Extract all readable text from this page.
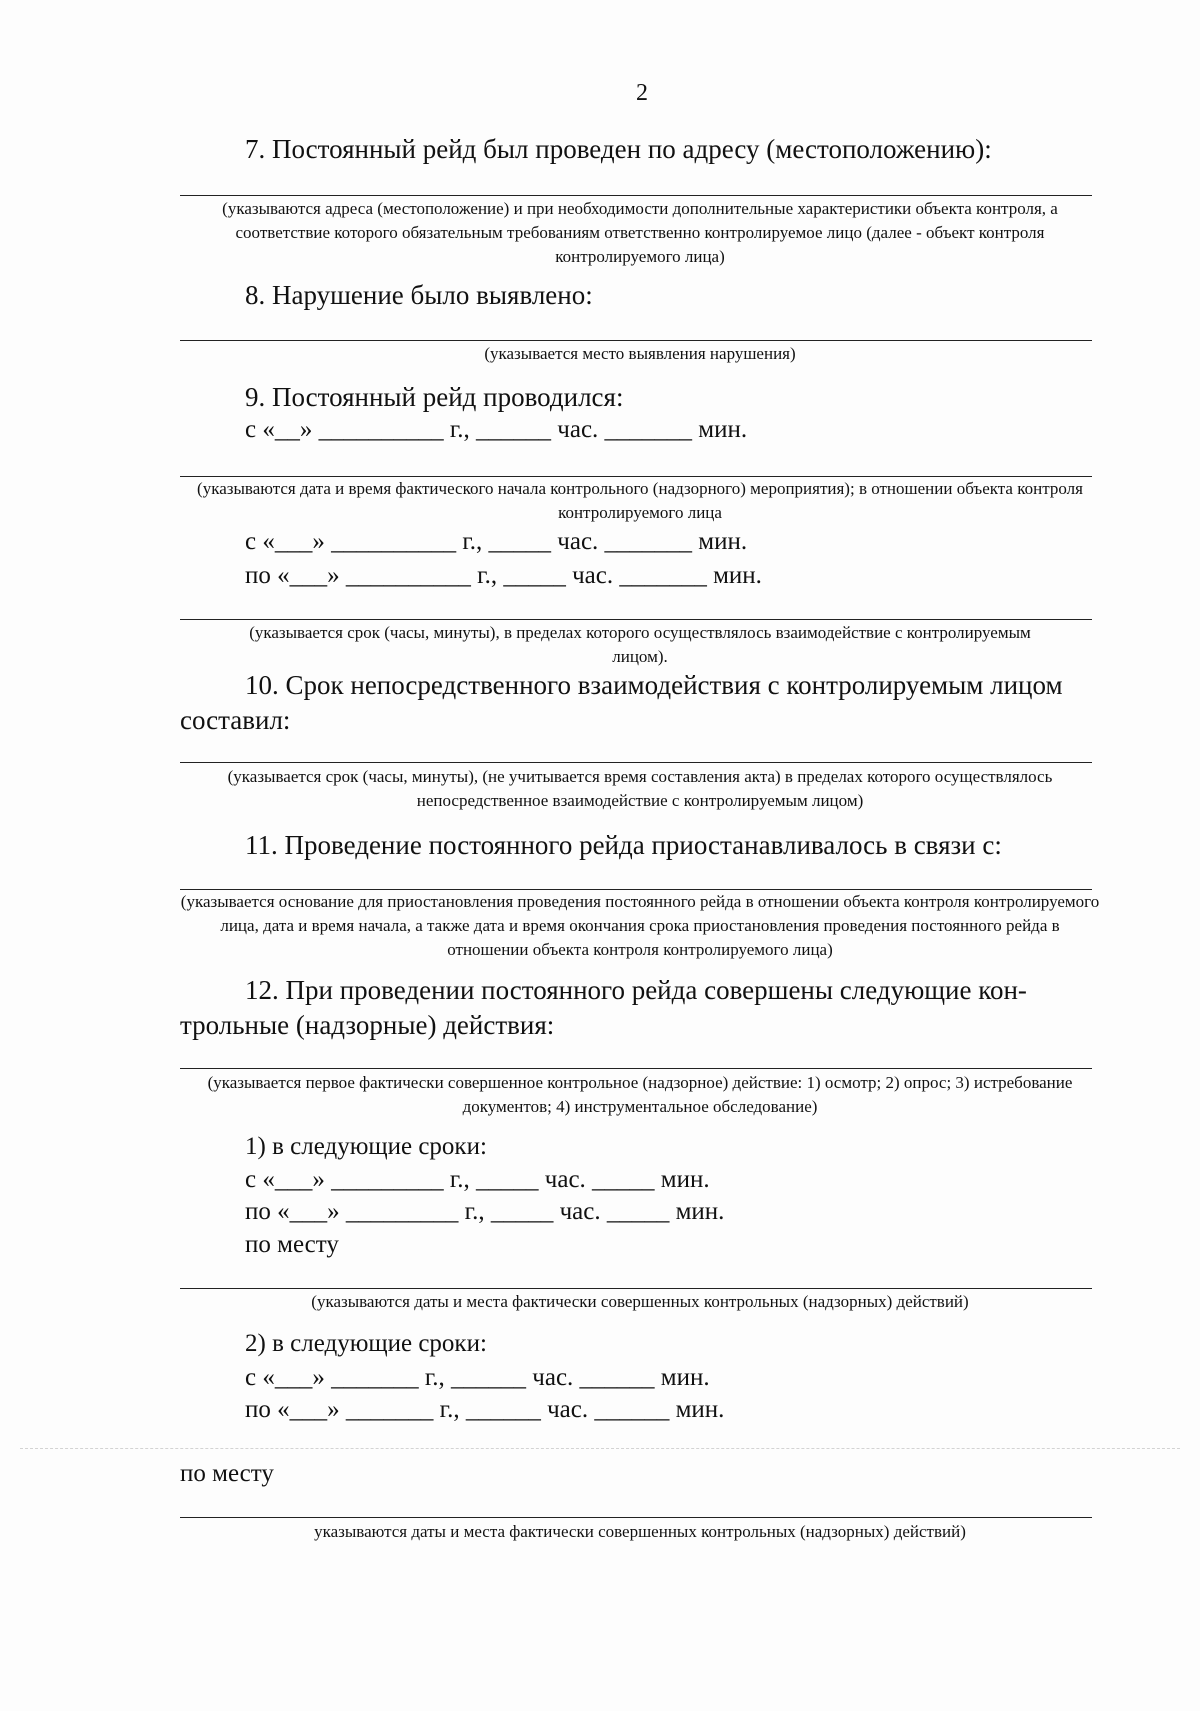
2
7. Постоянный рейд был проведен по адресу (местоположению):
(указываются адреса (местоположение) и при необходимости дополнительные характеристики объекта контроля, а соответствие которого обязательным требованиям ответственно контролируемое лицо (далее - объект контроля контролируемого лица)
8. Нарушение было выявлено:
(указывается место выявления нарушения)
9. Постоянный рейд проводился:
с «__» __________ г., ______ час. _______ мин.
(указываются дата и время фактического начала контрольного (надзорного) мероприятия); в отношении объекта контроля контролируемого лица
с «___» __________ г., _____ час. _______ мин.
по «___» __________ г., _____ час. _______ мин.
(указывается срок (часы, минуты), в пределах которого осуществлялось взаимодействие с контролируемым лицом).
10. Срок непосредственного взаимодействия с контролируемым лицом
составил:
(указывается срок (часы, минуты), (не учитывается время составления акта) в пределах которого осуществлялось непосредственное взаимодействие с контролируемым лицом)
11. Проведение постоянного рейда приостанавливалось в связи с:
(указывается основание для приостановления проведения постоянного рейда в отношении объекта контроля контролируемого лица, дата и время начала, а также дата и время окончания срока приостановления проведения постоянного рейда в отношении объекта контроля контролируемого лица)
12. При проведении постоянного рейда совершены следующие кон-
трольные (надзорные) действия:
(указывается первое фактически совершенное контрольное (надзорное) действие: 1) осмотр; 2) опрос; 3) истребование документов; 4) инструментальное обследование)
1) в следующие сроки:
с «___» _________ г., _____ час. _____ мин.
по «___» _________ г., _____ час. _____ мин.
по месту
(указываются даты и места фактически совершенных контрольных (надзорных) действий)
2) в следующие сроки:
с «___» _______ г., ______ час. ______ мин.
по «___» _______ г., ______ час. ______ мин.
по месту
указываются даты и места фактически совершенных контрольных (надзорных) действий)
